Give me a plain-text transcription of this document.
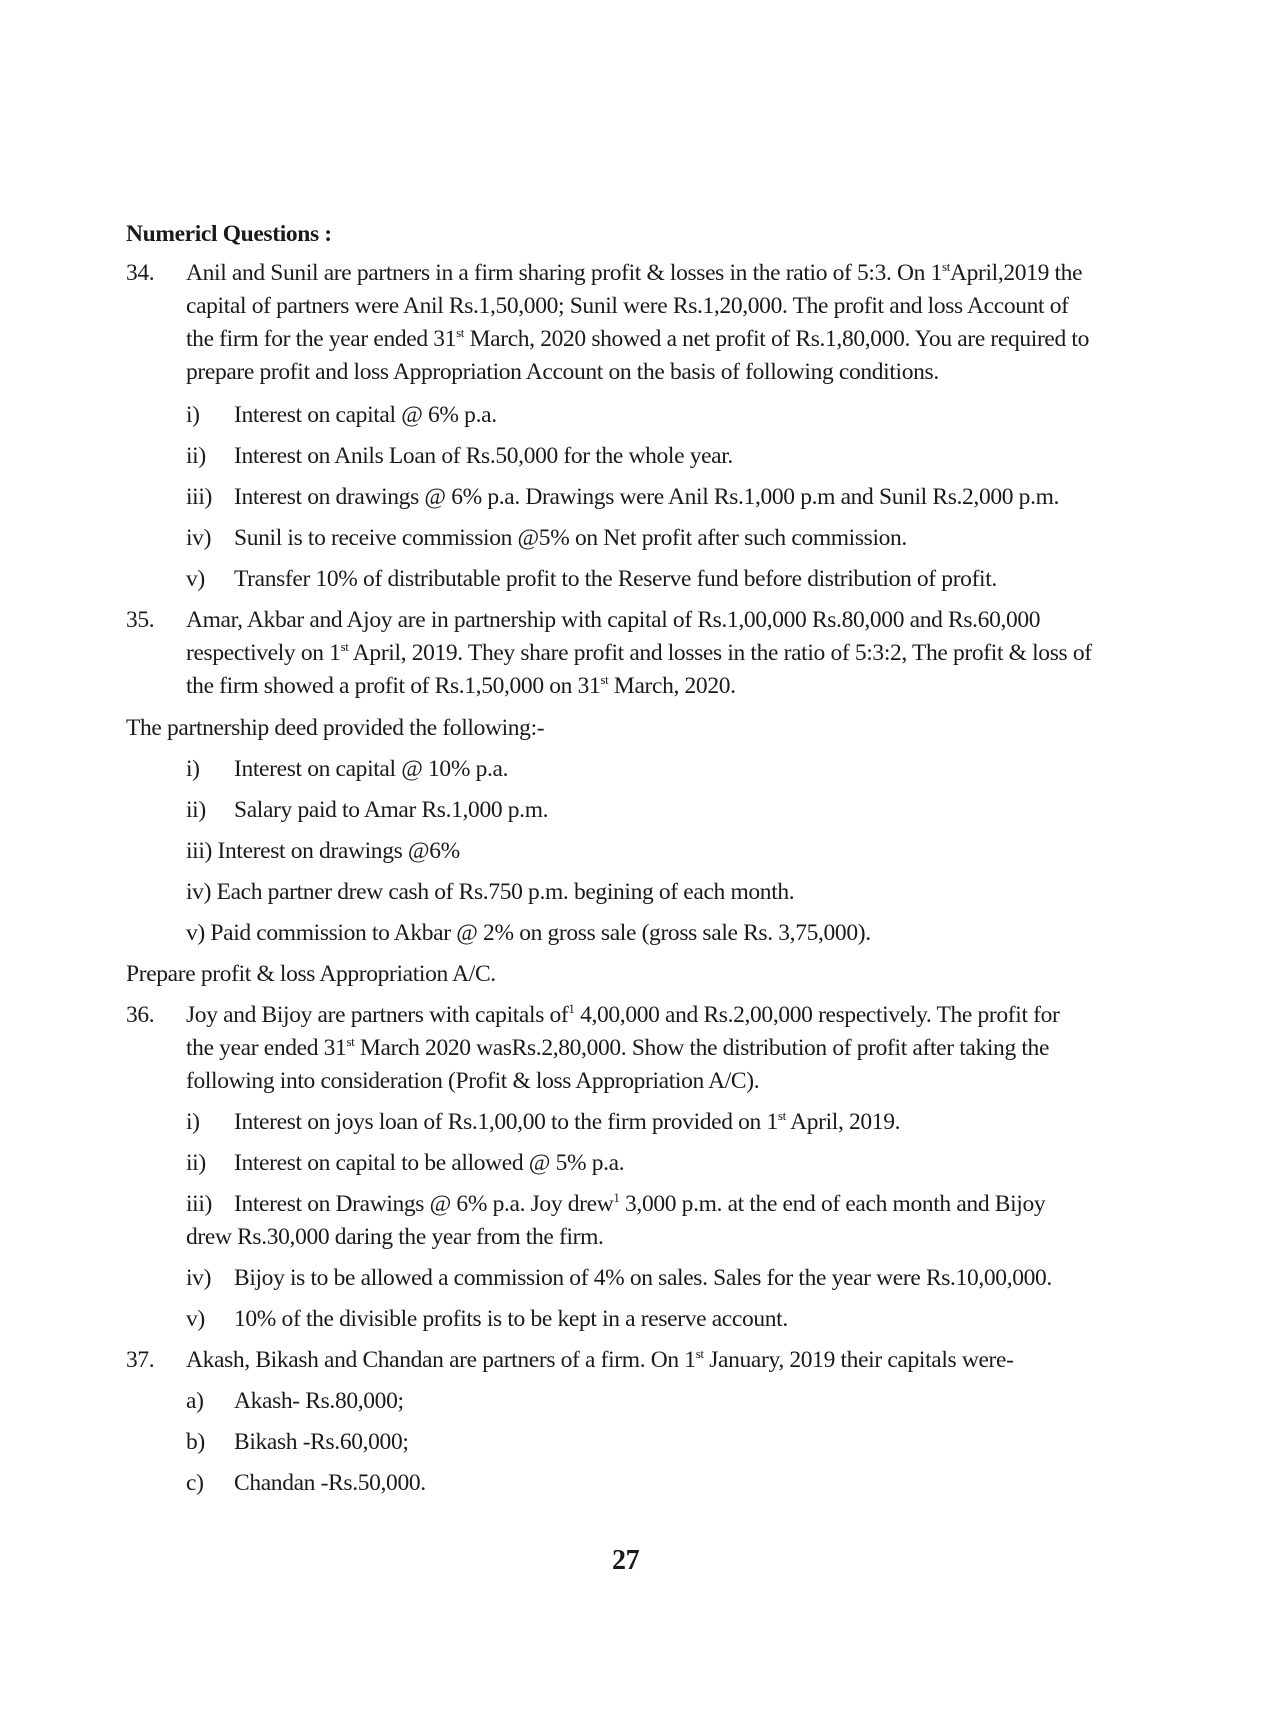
Numericl Questions :
34. Anil and Sunil are partners in a firm sharing profit & losses in the ratio of 5:3. On 1stApril,2019 the
capital of partners were Anil Rs.1,50,000; Sunil were Rs.1,20,000. The profit and loss Account of
the firm for the year ended 31st March, 2020 showed a net profit of Rs.1,80,000. You are required to
prepare profit and loss Appropriation Account on the basis of following conditions.
i)	Interest on capital @ 6% p.a.
ii)	Interest on Anils Loan of Rs.50,000 for the whole year.
iii) Interest on drawings @ 6% p.a. Drawings were Anil Rs.1,000 p.m and Sunil Rs.2,000 p.m.
iv) Sunil is to receive commission @5% on Net profit after such commission.
v)	Transfer 10% of distributable profit to the Reserve fund before distribution of profit.
35. Amar, Akbar and Ajoy are in partnership with capital of Rs.1,00,000 Rs.80,000 and Rs.60,000
respectively on 1st April, 2019. They share profit and losses in the ratio of 5:3:2, The profit & loss of
the firm showed a profit of Rs.1,50,000 on 31st March, 2020.
The partnership deed provided the following:-
i)	Interest on capital @ 10% p.a.
ii)	Salary paid to Amar Rs.1,000 p.m.
iii) Interest on drawings @6%
iv) Each partner drew cash of Rs.750 p.m. begining of each month.
v) Paid commission to Akbar @ 2% on gross sale (gross sale Rs. 3,75,000).
Prepare profit & loss Appropriation A/C.
36. Joy and Bijoy are partners with capitals $of^1$ 4,00,000 and Rs.2,00,000 respectively. The profit for
the year ended 31st March 2020 wasRs.2,80,000. Show the distribution of profit after taking the
following into consideration (Profit & loss Appropriation A/C).
i)	Interest on joys loan of Rs.1,00,00 to the firm provided on 1st April, 2019.
ii)	Interest on capital to be allowed @ 5% p.a.
iii) Interest on Drawings @ 6% p.a. Joy drew$^1$ 3,000 p.m. at the end of each month and Bijoy
drew Rs.30,000 daring the year from the firm.
iv) Bijoy is to be allowed a commission of 4% on sales. Sales for the year were Rs.10,00,000.
v)	10% of the divisible profits is to be kept in a reserve account.
37. Akash, Bikash and Chandan are partners of a firm. On 1st January, 2019 their capitals were-
a)	Akash- Rs.80,000;
b)	Bikash -Rs.60,000;
c)	Chandan -Rs.50,000.
27
